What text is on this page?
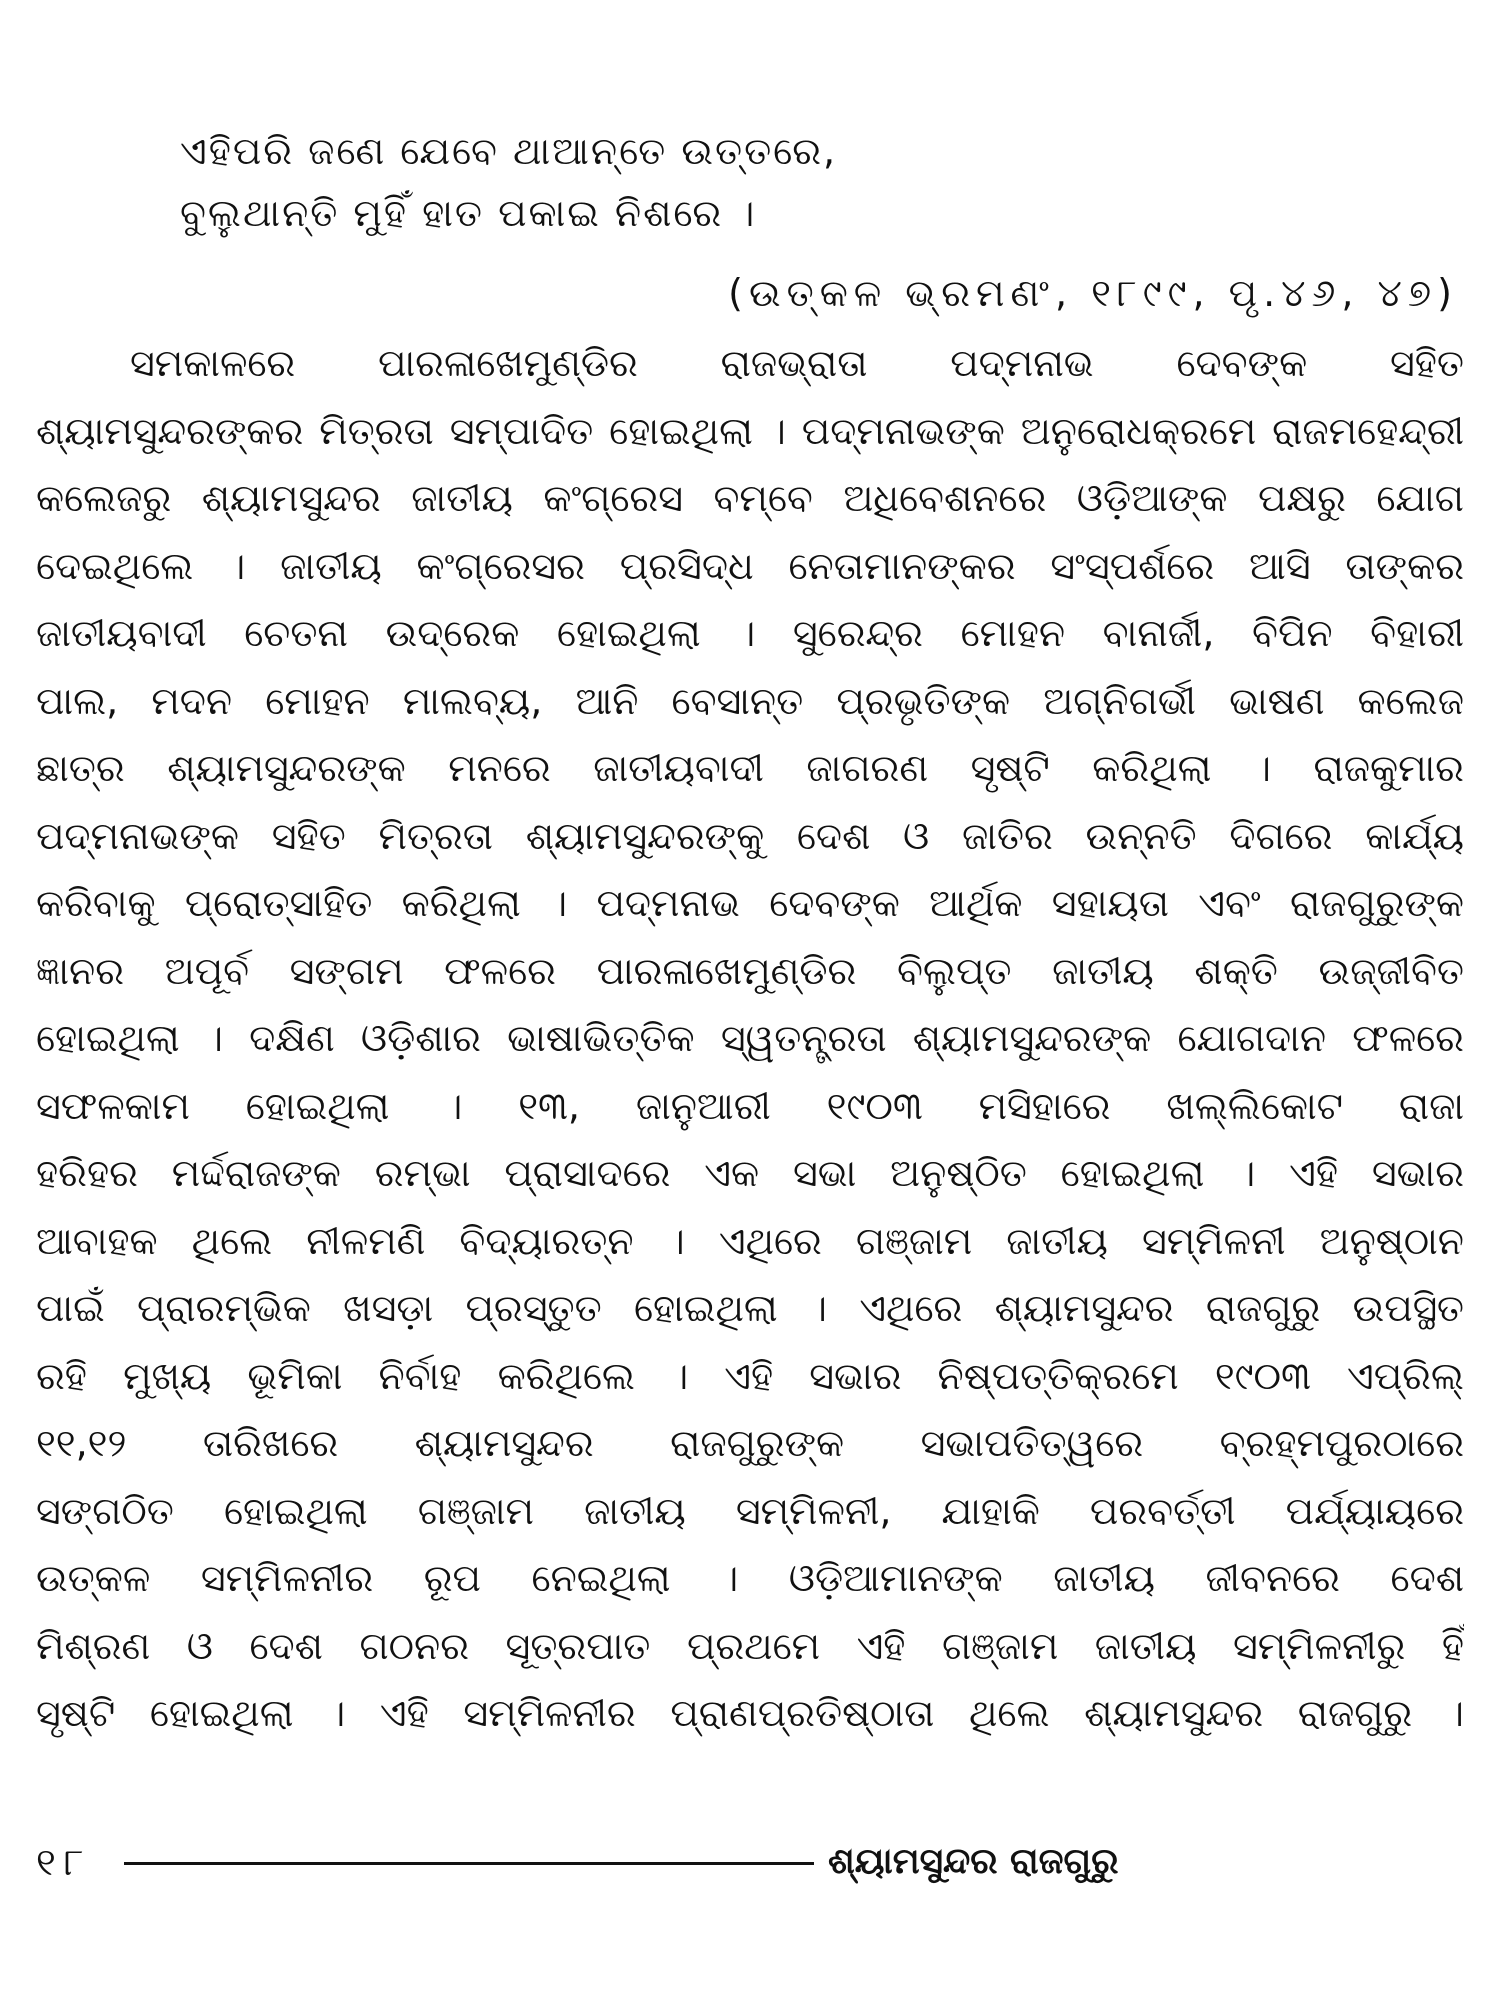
ଏହିପରି ଜଣେ ଯେବେ ଥାଆନ୍ତେ ଉତ୍ତରେ,
ବୁଲୁଥାନ୍ତି ମୁହିଁ ହାତ ପକାଇ ନିଶରେ ।
(ଉତ୍କଳ ଭ୍ରମଣଂ, ୧୮୯୯, ପୃ.୪୬, ୪୭)
ସମକାଳରେ ପାରଳାଖେମୁଣ୍ଡିର ରାଜଭ୍ରାତା ପଦ୍ମନାଭ ଦେବଙ୍କ ସହିତ
ଶ୍ୟାମସୁନ୍ଦରଙ୍କର ମିତ୍ରତା ସମ୍ପାଦିତ ହୋଇଥିଲା । ପଦ୍ମନାଭଙ୍କ ଅନୁରୋଧକ୍ରମେ ରାଜମହେନ୍ଦ୍ରୀ
କଲେଜରୁ ଶ୍ୟାମସୁନ୍ଦର ଜାତୀୟ କଂଗ୍ରେସ ବମ୍ବେ ଅଧିବେଶନରେ ଓଡ଼ିଆଙ୍କ ପକ୍ଷରୁ ଯୋଗ
ଦେଇଥିଲେ । ଜାତୀୟ କଂଗ୍ରେସର ପ୍ରସିଦ୍ଧ ନେତାମାନଙ୍କର ସଂସ୍ପର୍ଶରେ ଆସି ତାଙ୍କର
ଜାତୀୟବାଦୀ ଚେତନା ଉଦ୍ରେକ ହୋଇଥିଲା । ସୁରେନ୍ଦ୍ର ମୋହନ ବାନାର୍ଜୀ, ବିପିନ ବିହାରୀ
ପାଲ, ମଦନ ମୋହନ ମାଲବ୍ୟ, ଆନି ବେସାନ୍ତ ପ୍ରଭୃତିଙ୍କ ଅଗ୍ନିଗର୍ଭୀ ଭାଷଣ କଲେଜ
ଛାତ୍ର ଶ୍ୟାମସୁନ୍ଦରଙ୍କ ମନରେ ଜାତୀୟବାଦୀ ଜାଗରଣ ସୃଷ୍ଟି କରିଥିଲା । ରାଜକୁମାର
ପଦ୍ମନାଭଙ୍କ ସହିତ ମିତ୍ରତା ଶ୍ୟାମସୁନ୍ଦରଙ୍କୁ ଦେଶ ଓ ଜାତିର ଉନ୍ନତି ଦିଗରେ କାର୍ଯ୍ୟ
କରିବାକୁ ପ୍ରୋତ୍ସାହିତ କରିଥିଲା । ପଦ୍ମନାଭ ଦେବଙ୍କ ଆର୍ଥିକ ସହାୟତା ଏବଂ ରାଜଗୁରୁଙ୍କ
ଜ୍ଞାନର ଅପୂର୍ବ ସଙ୍ଗମ ଫଳରେ ପାରଳାଖେମୁଣ୍ଡିର ବିଲୁପ୍ତ ଜାତୀୟ ଶକ୍ତି ଉଜ୍ଜୀବିତ
ହୋଇଥିଲା । ଦକ୍ଷିଣ ଓଡ଼ିଶାର ଭାଷାଭିତ୍ତିକ ସ୍ୱତନ୍ତ୍ରତା ଶ୍ୟାମସୁନ୍ଦରଙ୍କ ଯୋଗଦାନ ଫଳରେ
ସଫଳକାମ ହୋଇଥିଲା । ୧୩, ଜାନୁଆରୀ ୧୯୦୩ ମସିହାରେ ଖଲ୍ଲିକୋଟ ରାଜା
ହରିହର ମର୍ଦ୍ଦରାଜଙ୍କ ରମ୍ଭା ପ୍ରାସାଦରେ ଏକ ସଭା ଅନୁଷ୍ଠିତ ହୋଇଥିଲା । ଏହି ସଭାର
ଆବାହକ ଥିଲେ ନୀଳମଣି ବିଦ୍ୟାରତ୍ନ । ଏଥିରେ ଗଞ୍ଜାମ ଜାତୀୟ ସମ୍ମିଳନୀ ଅନୁଷ୍ଠାନ
ପାଇଁ ପ୍ରାରମ୍ଭିକ ଖସଡ଼ା ପ୍ରସ୍ତୁତ ହୋଇଥିଲା । ଏଥିରେ ଶ୍ୟାମସୁନ୍ଦର ରାଜଗୁରୁ ଉପସ୍ଥିତ
ରହି ମୁଖ୍ୟ ଭୂମିକା ନିର୍ବାହ କରିଥିଲେ । ଏହି ସଭାର ନିଷ୍ପତ୍ତିକ୍ରମେ ୧୯୦୩ ଏପ୍ରିଲ୍
୧୧,୧୨ ତାରିଖରେ ଶ୍ୟାମସୁନ୍ଦର ରାଜଗୁରୁଙ୍କ ସଭାପତିତ୍ୱରେ ବ୍ରହ୍ମପୁରଠାରେ
ସଙ୍ଗଠିତ ହୋଇଥିଲା ଗଞ୍ଜାମ ଜାତୀୟ ସମ୍ମିଳନୀ, ଯାହାକି ପରବର୍ତ୍ତୀ ପର୍ଯ୍ୟାୟରେ
ଉତ୍କଳ ସମ୍ମିଳନୀର ରୂପ ନେଇଥିଲା । ଓଡ଼ିଆମାନଙ୍କ ଜାତୀୟ ଜୀବନରେ ଦେଶ
ମିଶ୍ରଣ ଓ ଦେଶ ଗଠନର ସୂତ୍ରପାତ ପ୍ରଥମେ ଏହି ଗଞ୍ଜାମ ଜାତୀୟ ସମ୍ମିଳନୀରୁ ହିଁ
ସୃଷ୍ଟି ହୋଇଥିଲା । ଏହି ସମ୍ମିଳନୀର ପ୍ରାଣପ୍ରତିଷ୍ଠାତା ଥିଲେ ଶ୍ୟାମସୁନ୍ଦର ରାଜଗୁରୁ ।
୧୮	ଶ୍ୟାମସୁନ୍ଦର ରାଜଗୁରୁ
